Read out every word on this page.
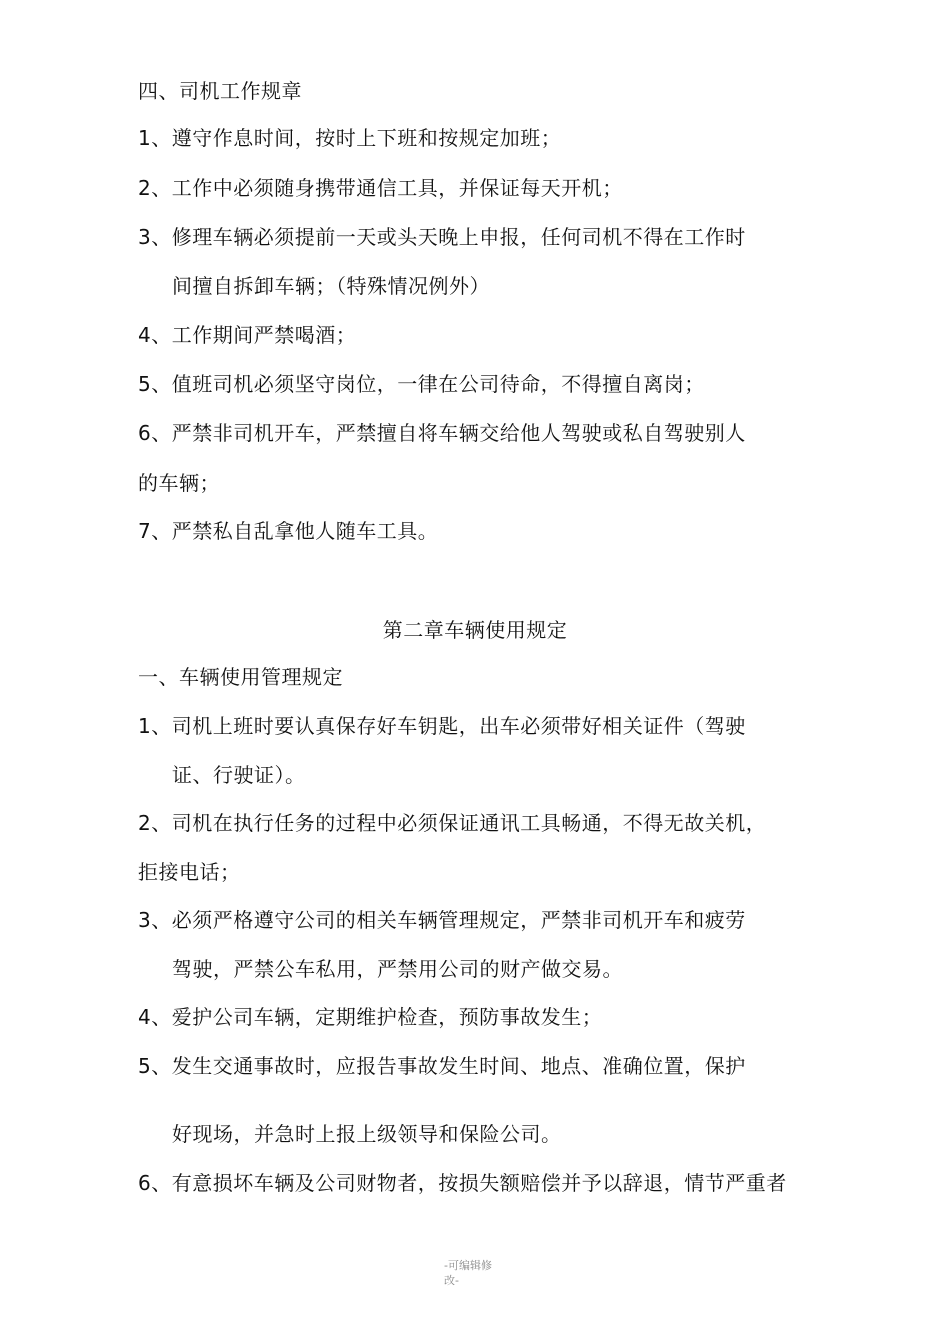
四、司机工作规章
1、遵守作息时间，按时上下班和按规定加班；
2、工作中必须随身携带通信工具，并保证每天开机；
3、修理车辆必须提前一天或头天晚上申报，任何司机不得在工作时
间擅自拆卸车辆；（特殊情况例外）
4、工作期间严禁喝酒；
5、值班司机必须坚守岗位，一律在公司待命，不得擅自离岗；
6、严禁非司机开车，严禁擅自将车辆交给他人驾驶或私自驾驶别人
的车辆；
7、严禁私自乱拿他人随车工具。
第二章车辆使用规定
一、车辆使用管理规定
1、司机上班时要认真保存好车钥匙，出车必须带好相关证件（驾驶
证、行驶证）。
2、司机在执行任务的过程中必须保证通讯工具畅通，不得无故关机，
拒接电话；
3、必须严格遵守公司的相关车辆管理规定，严禁非司机开车和疲劳
驾驶，严禁公车私用，严禁用公司的财产做交易。
4、爱护公司车辆，定期维护检查，预防事故发生；
5、发生交通事故时，应报告事故发生时间、地点、准确位置，保护
好现场，并急时上报上级领导和保险公司。
6、有意损坏车辆及公司财物者，按损失额赔偿并予以辞退，情节严重者
-可编辑修改-
